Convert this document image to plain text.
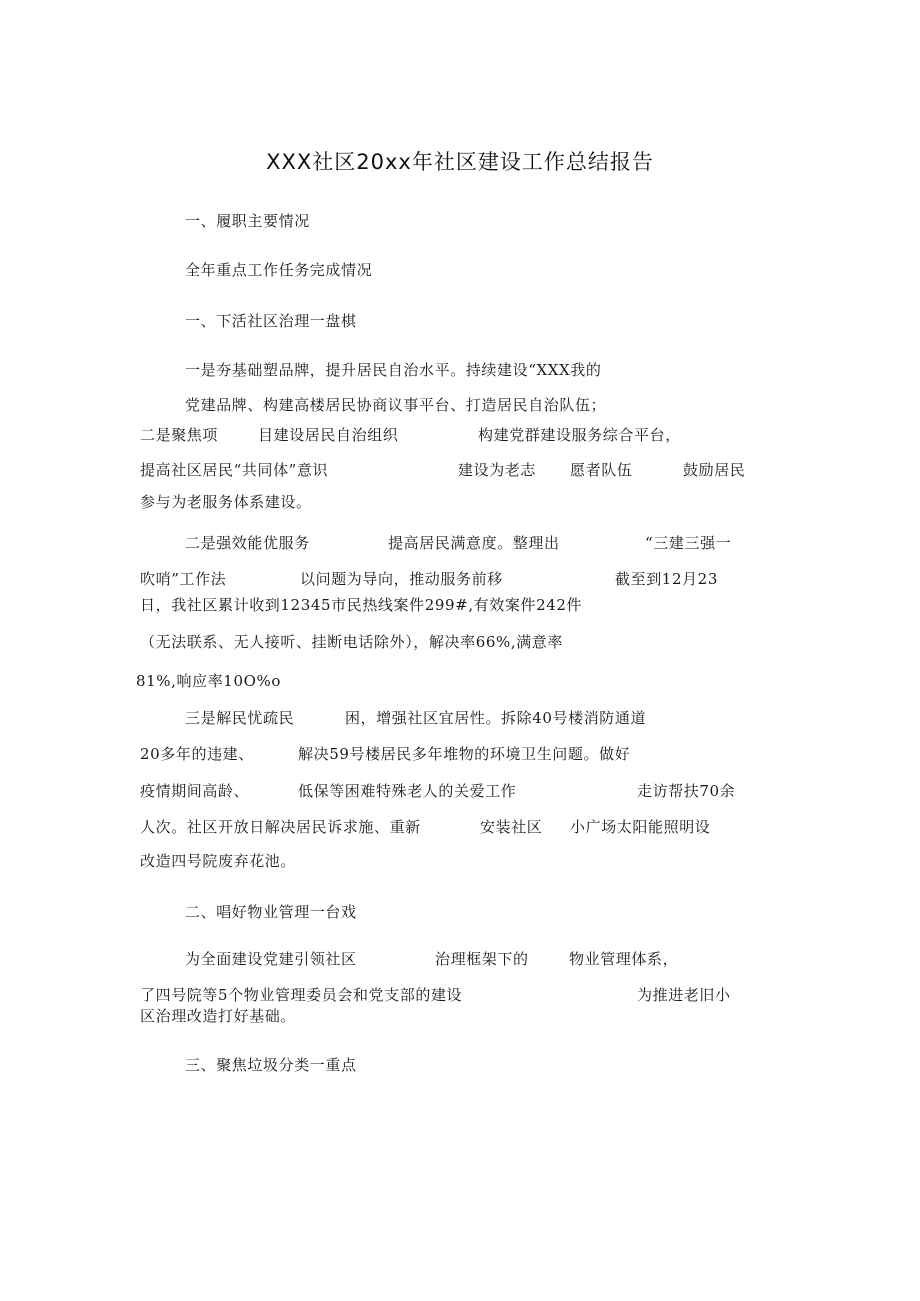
XXX社区20xx年社区建设工作总结报告
一、履职主要情况
全年重点工作任务完成情况
一、下活社区治理一盘棋
一是夯基础塑品牌，提升居民自治水平。持续建设“XXX我的
党建品牌、构建高楼居民协商议事平台、打造居民自治队伍；
二是聚焦项	目建设居民自治组织	构建党群建设服务综合平台，
提高社区居民“共同体”意识	建设为老志 愿者队伍	鼓励居民
参与为老服务体系建设。
二是强效能优服务	提高居民满意度。整理出	“三建三强一
吹哨”工作法	以问题为导向，推动服务前移	截至到12月23
日，我社区累计收到12345市民热线案件299#,有效案件242件
（无法联系、无人接听、挂断电话除外），解决率66%,满意率
81%,响应率10O%o
三是解民忧疏民	困，增强社区宜居性。拆除40号楼消防通道
20多年的违建、	解决59号楼居民多年堆物的环境卫生问题。做好
疫情期间高龄、	低保等困难特殊老人的关爱工作	走访帮扶70余
人次。社区开放日解决居民诉求施、重新	安装社区 小广场太阳能照明设
改造四号院废弃花池。
二、唱好物业管理一台戏
为全面建设党建引领社区	治理框架下的	物业管理体系，
了四号院等5个物业管理委员会和党支部的建设	为推进老旧小
区治理改造打好基础。
三、聚焦垃圾分类一重点
